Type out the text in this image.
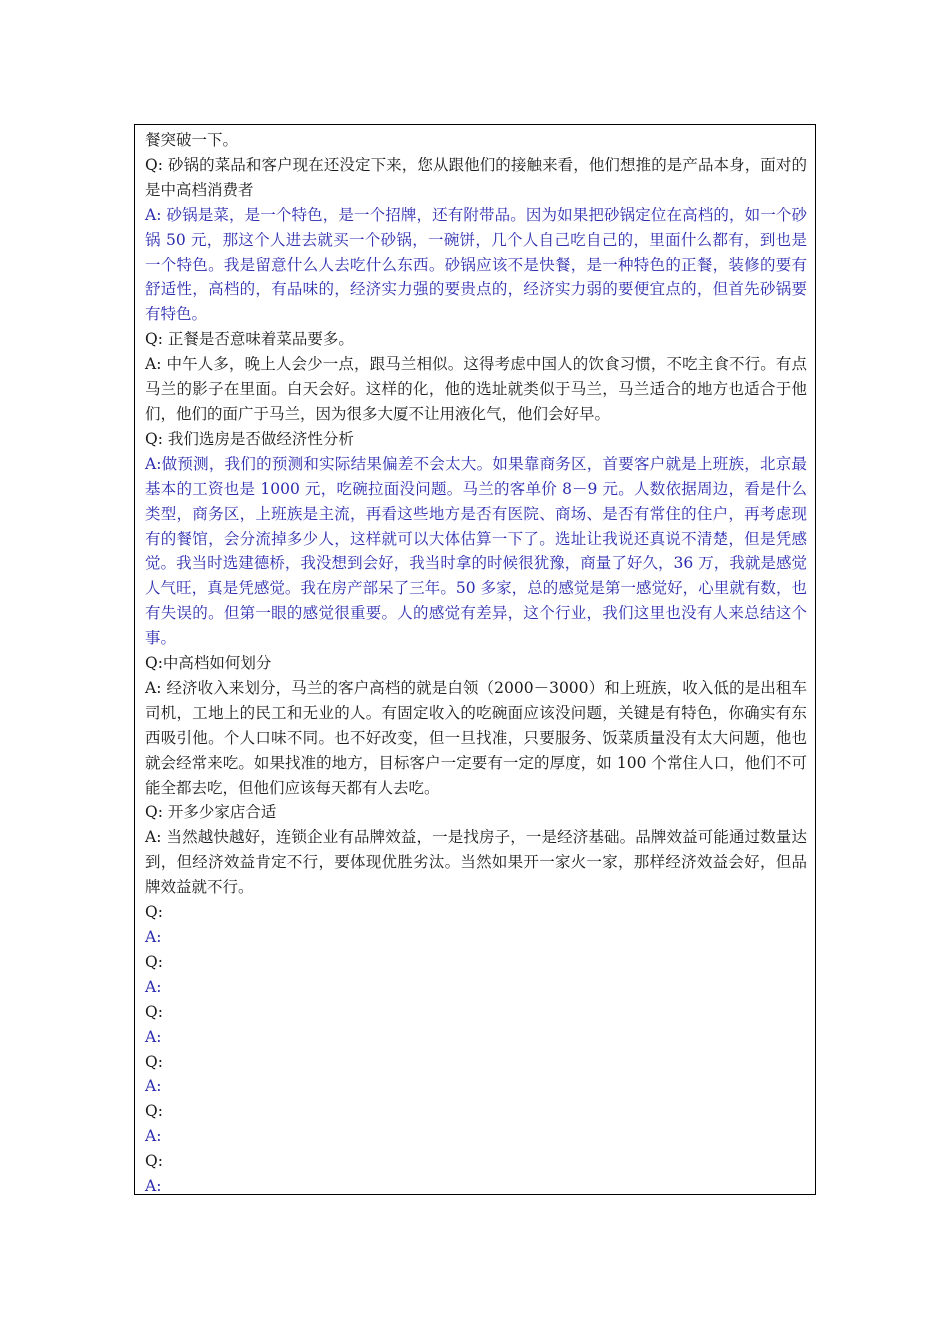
餐突破一下。

Q: 砂锅的菜品和客户现在还没定下来，您从跟他们的接触来看，他们想推的是产品本身，面对的是中高档消费者

A: 砂锅是菜，是一个特色，是一个招牌，还有附带品。因为如果把砂锅定位在高档的，如一个砂锅 50 元，那这个人进去就买一个砂锅，一碗饼，几个人自己吃自己的，里面什么都有，到也是一个特色。我是留意什么人去吃什么东西。砂锅应该不是快餐，是一种特色的正餐，装修的要有舒适性，高档的，有品味的，经济实力强的要贵点的，经济实力弱的要便宜点的，但首先砂锅要有特色。

Q: 正餐是否意味着菜品要多。

A: 中午人多，晚上人会少一点，跟马兰相似。这得考虑中国人的饮食习惯，不吃主食不行。有点马兰的影子在里面。白天会好。这样的化，他的选址就类似于马兰，马兰适合的地方也适合于他们，他们的面广于马兰，因为很多大厦不让用液化气，他们会好早。

Q: 我们选房是否做经济性分析

A:做预测，我们的预测和实际结果偏差不会太大。如果靠商务区，首要客户就是上班族，北京最基本的工资也是 1000 元，吃碗拉面没问题。马兰的客单价 8－9 元。人数依据周边，看是什么类型，商务区，上班族是主流，再看这些地方是否有医院、商场、是否有常住的住户，再考虑现有的餐馆，会分流掉多少人，这样就可以大体估算一下了。选址让我说还真说不清楚，但是凭感觉。我当时选建德桥，我没想到会好，我当时拿的时候很犹豫，商量了好久，36 万，我就是感觉人气旺，真是凭感觉。我在房产部呆了三年。50 多家，总的感觉是第一感觉好，心里就有数，也有失误的。但第一眼的感觉很重要。人的感觉有差异，这个行业，我们这里也没有人来总结这个事。

Q:中高档如何划分

A: 经济收入来划分，马兰的客户高档的就是白领（2000－3000）和上班族，收入低的是出租车司机，工地上的民工和无业的人。有固定收入的吃碗面应该没问题，关键是有特色，你确实有东西吸引他。个人口味不同。也不好改变，但一旦找准，只要服务、饭菜质量没有太大问题，他也就会经常来吃。如果找准的地方，目标客户一定要有一定的厚度，如 100 个常住人口，他们不可能全都去吃，但他们应该每天都有人去吃。

Q: 开多少家店合适

A: 当然越快越好，连锁企业有品牌效益，一是找房子，一是经济基础。品牌效益可能通过数量达到，但经济效益肯定不行，要体现优胜劣汰。当然如果开一家火一家，那样经济效益会好，但品牌效益就不行。

Q:

A:

Q:

A:

Q:

A:

Q:

A:

Q:

A:

Q:

A:
